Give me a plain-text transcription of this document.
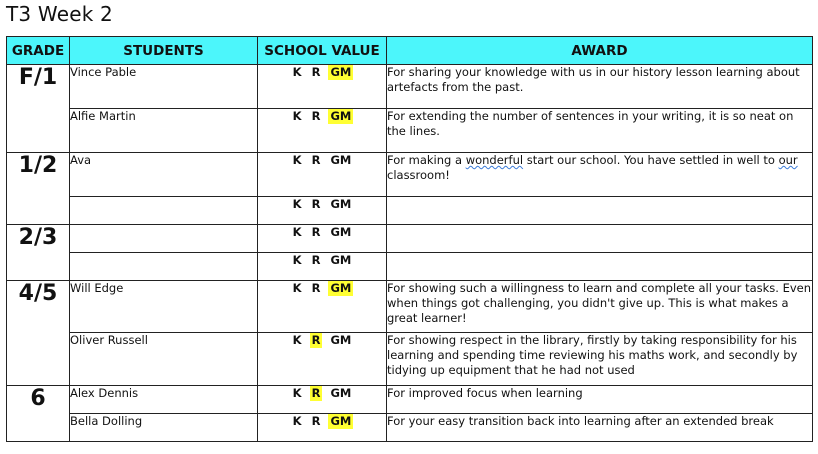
T3 Week 2
GRADE	STUDENTS	SCHOOL VALUE	AWARD
F/1	Vince Pable	K R GM	For sharing your knowledge with us in our history lesson learning about artefacts from the past.
	Alfie Martin	K R GM	For extending the number of sentences in your writing, it is so neat on the lines.
1/2	Ava	K R GM	For making a wonderful start our school. You have settled in well to our classroom!

		K R GM	

2/3		K R GM	

		K R GM	

4/5	Will Edge	K R GM	For showing such a willingness to learn and complete all your tasks. Even when things got challenging, you didn't give up. This is what makes a great learner!
	Oliver Russell	K R GM	For showing respect in the library, firstly by taking responsibility for his learning and spending time reviewing his maths work, and secondly by tidying up equipment that he had not used
6	Alex Dennis	K R GM	For improved focus when learning
	Bella Dolling	K R GM	For your easy transition back into learning after an extended break
